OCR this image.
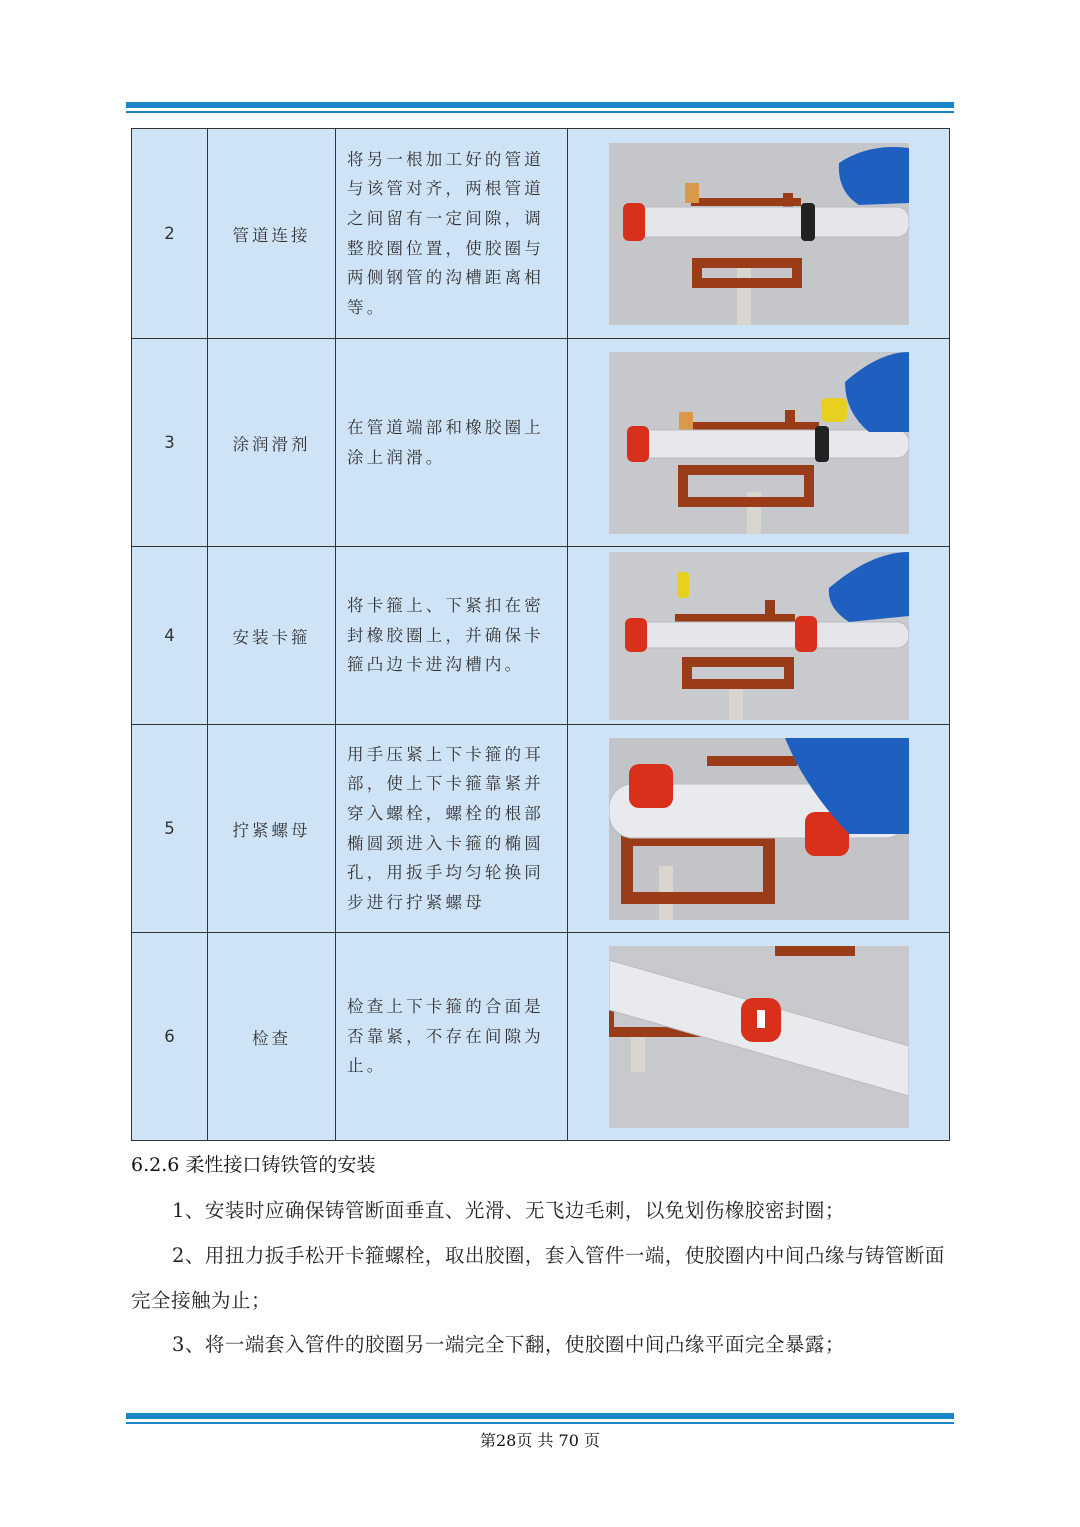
2	管道连接	将另一根加工好的管道与该管对齐，两根管道之间留有一定间隙，调整胶圈位置，使胶圈与两侧钢管的沟槽距离相等。	

3	涂润滑剂	在管道端部和橡胶圈上涂上润滑。	

4	安装卡箍	将卡箍上、下紧扣在密封橡胶圈上，并确保卡箍凸边卡进沟槽内。	

5	拧紧螺母	用手压紧上下卡箍的耳部，使上下卡箍靠紧并穿入螺栓，螺栓的根部椭圆颈进入卡箍的椭圆孔，用扳手均匀轮换同步进行拧紧螺母	

6	检查	检查上下卡箍的合面是否靠紧，不存在间隙为止。	
6.2.6 柔性接口铸铁管的安装
1、安装时应确保铸管断面垂直、光滑、无飞边毛刺，以免划伤橡胶密封圈；
2、用扭力扳手松开卡箍螺栓，取出胶圈，套入管件一端，使胶圈内中间凸缘与铸管断面完全接触为止；
3、将一端套入管件的胶圈另一端完全下翻，使胶圈中间凸缘平面完全暴露；
第28页 共 70 页
